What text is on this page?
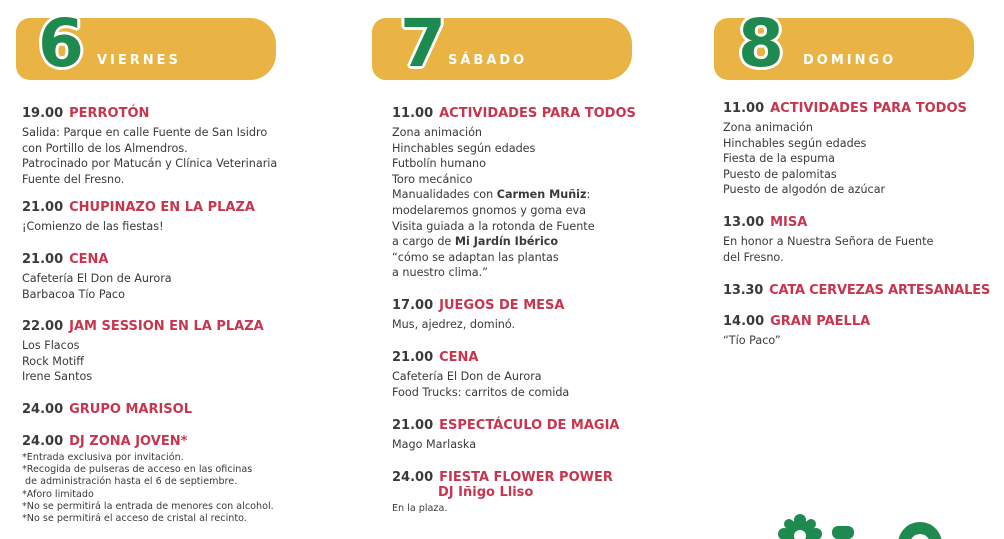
6 VIERNES
19.00 PERROTÓN
Salida: Parque en calle Fuente de San Isidro
con Portillo de los Almendros.
Patrocinado por Matucán y Clínica Veterinaria
Fuente del Fresno.
21.00 CHUPINAZO EN LA PLAZA
¡Comienzo de las fiestas!
21.00 CENA
Cafetería El Don de Aurora
Barbacoa Tío Paco
22.00 JAM SESSION EN LA PLAZA
Los Flacos
Rock Motiff
Irene Santos
24.00 GRUPO MARISOL
24.00 DJ ZONA JOVEN*
*Entrada exclusiva por invitación.
*Recogida de pulseras de acceso en las oficinas
de administración hasta el 6 de septiembre.
*Aforo limitado
*No se permitirá la entrada de menores con alcohol.
*No se permitirá el acceso de cristal al recinto.
7 SÁBADO
11.00 ACTIVIDADES PARA TODOS
Zona animación
Hinchables según edades
Futbolín humano
Toro mecánico
Manualidades con Carmen Muñiz:
modelaremos gnomos y goma eva
Visita guiada a la rotonda de Fuente
a cargo de Mi Jardín Ibérico
“cómo se adaptan las plantas
a nuestro clima.”
17.00 JUEGOS DE MESA
Mus, ajedrez, dominó.
21.00 CENA
Cafetería El Don de Aurora
Food Trucks: carritos de comida
21.00 ESPECTÁCULO DE MAGIA
Mago Marlaska
24.00 FIESTA FLOWER POWER
DJ Iñigo Lliso
En la plaza.
8 DOMINGO
11.00 ACTIVIDADES PARA TODOS
Zona animación
Hinchables según edades
Fiesta de la espuma
Puesto de palomitas
Puesto de algodón de azúcar
13.00 MISA
En honor a Nuestra Señora de Fuente
del Fresno.
13.30 CATA CERVEZAS ARTESANALES
14.00 GRAN PAELLA
“Tío Paco”
